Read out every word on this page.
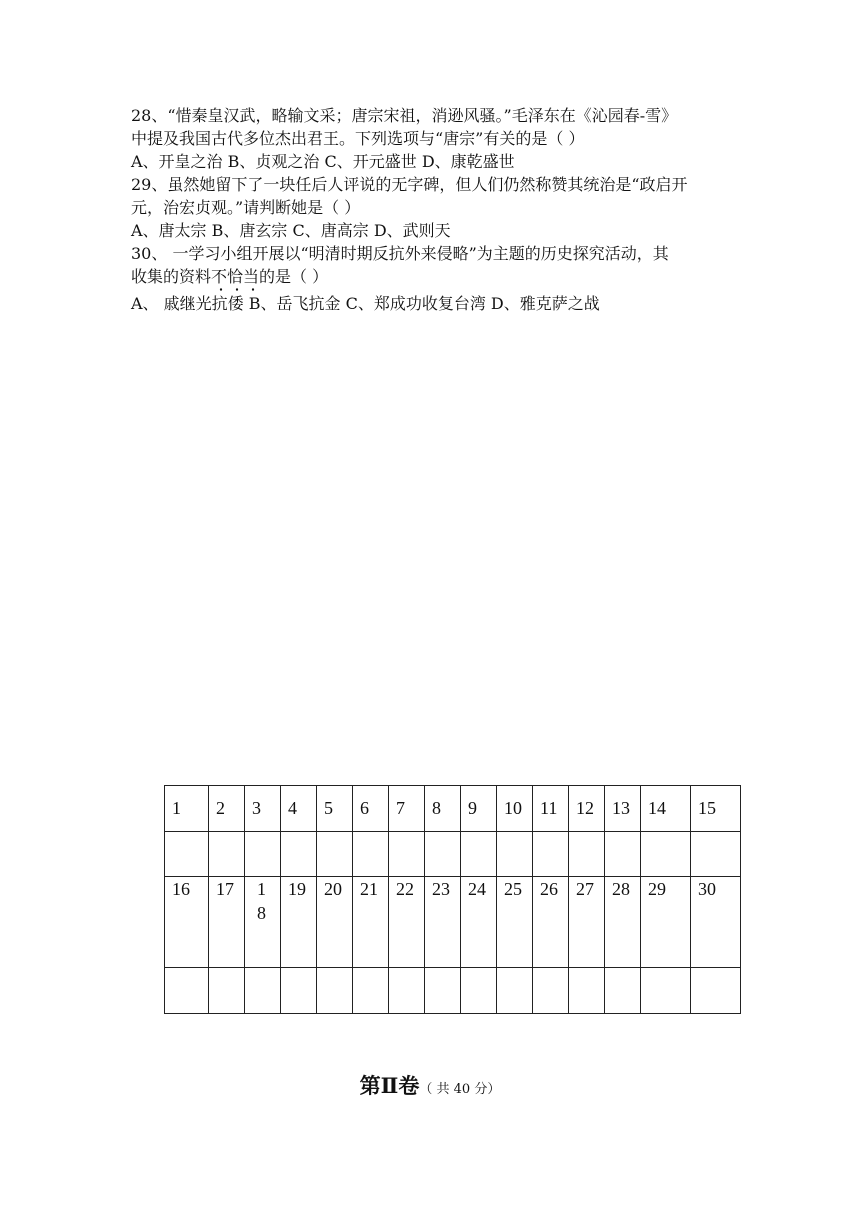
28、“惜秦皇汉武，略输文采；唐宗宋祖，消逊风骚。”毛泽东在《沁园春-雪》
中提及我国古代多位杰出君王。下列选项与“唐宗”有关的是（ ）
A、开皇之治 B、贞观之治 C、开元盛世 D、康乾盛世
29、虽然她留下了一块任后人评说的无字碑，但人们仍然称赞其统治是“政启开
元，治宏贞观。”请判断她是（ ）
A、唐太宗 B、唐玄宗 C、唐高宗 D、武则天
30、 一学习小组开展以“明清时期反抗外来侵略”为主题的历史探究活动，其
收集的资料不恰当的是（ ）
A、 戚继光抗倭 B、岳飞抗金 C、郑成功收复台湾 D、雅克萨之战
1	2	3	4	5	6	7	8	9	10	11	12	13	14	15

16	17	18	19	20	21	22	23	24	25	26	27	28	29	30

第Ⅱ卷（ 共 40 分）
